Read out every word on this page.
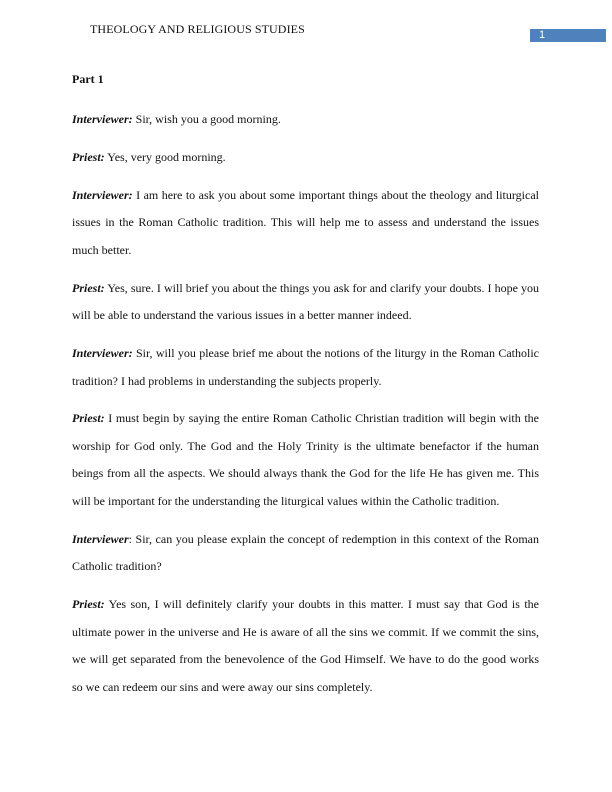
THEOLOGY AND RELIGIOUS STUDIES	1
Part 1

Interviewer: Sir, wish you a good morning.

Priest: Yes, very good morning.

Interviewer: I am here to ask you about some important things about the theology and liturgical issues in the Roman Catholic tradition. This will help me to assess and understand the issues much better.

Priest: Yes, sure. I will brief you about the things you ask for and clarify your doubts. I hope you will be able to understand the various issues in a better manner indeed.

Interviewer: Sir, will you please brief me about the notions of the liturgy in the Roman Catholic tradition? I had problems in understanding the subjects properly.

Priest: I must begin by saying the entire Roman Catholic Christian tradition will begin with the worship for God only. The God and the Holy Trinity is the ultimate benefactor if the human beings from all the aspects. We should always thank the God for the life He has given me. This will be important for the understanding the liturgical values within the Catholic tradition.

Interviewer: Sir, can you please explain the concept of redemption in this context of the Roman Catholic tradition?

Priest: Yes son, I will definitely clarify your doubts in this matter. I must say that God is the ultimate power in the universe and He is aware of all the sins we commit. If we commit the sins, we will get separated from the benevolence of the God Himself. We have to do the good works so we can redeem our sins and were away our sins completely.
